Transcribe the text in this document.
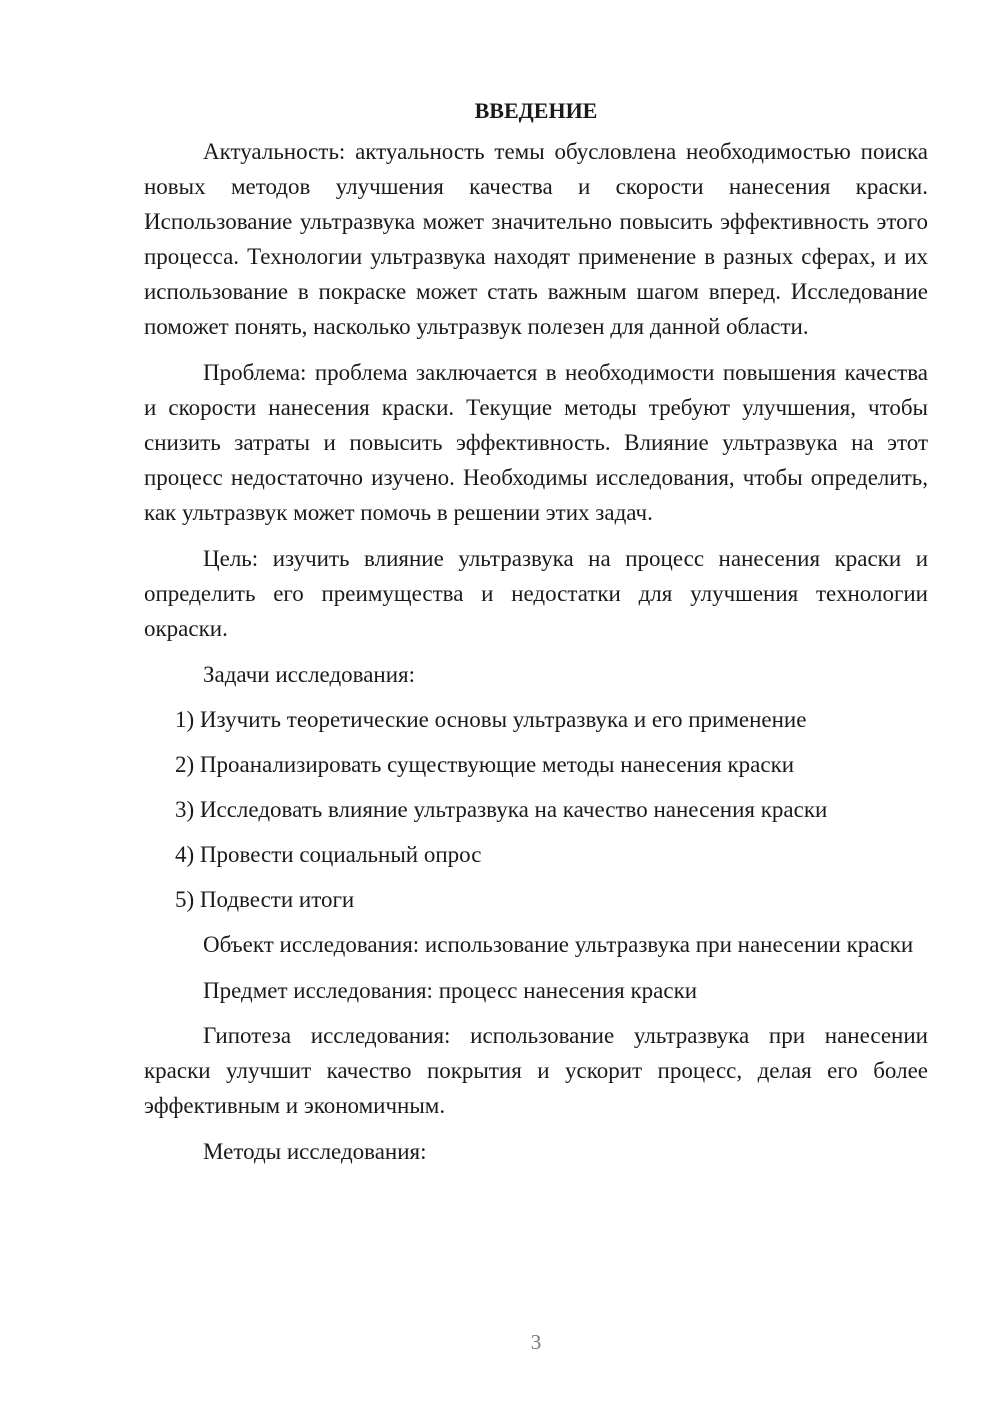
ВВЕДЕНИЕ

Актуальность: актуальность темы обусловлена необходимостью поиска новых методов улучшения качества и скорости нанесения краски. Использование ультразвука может значительно повысить эффективность этого процесса. Технологии ультразвука находят применение в разных сферах, и их использование в покраске может стать важным шагом вперед. Исследование поможет понять, насколько ультразвук полезен для данной области.

Проблема: проблема заключается в необходимости повышения качества и скорости нанесения краски. Текущие методы требуют улучшения, чтобы снизить затраты и повысить эффективность. Влияние ультразвука на этот процесс недостаточно изучено. Необходимы исследования, чтобы определить, как ультразвук может помочь в решении этих задач.

Цель: изучить влияние ультразвука на процесс нанесения краски и определить его преимущества и недостатки для улучшения технологии окраски.

Задачи исследования:
1) Изучить теоретические основы ультразвука и его применение
2) Проанализировать существующие методы нанесения краски
3) Исследовать влияние ультразвука на качество нанесения краски
4) Провести социальный опрос
5) Подвести итоги

Объект исследования: использование ультразвука при нанесении краски

Предмет исследования: процесс нанесения краски

Гипотеза исследования: использование ультразвука при нанесении краски улучшит качество покрытия и ускорит процесс, делая его более эффективным и экономичным.

Методы исследования:
3
